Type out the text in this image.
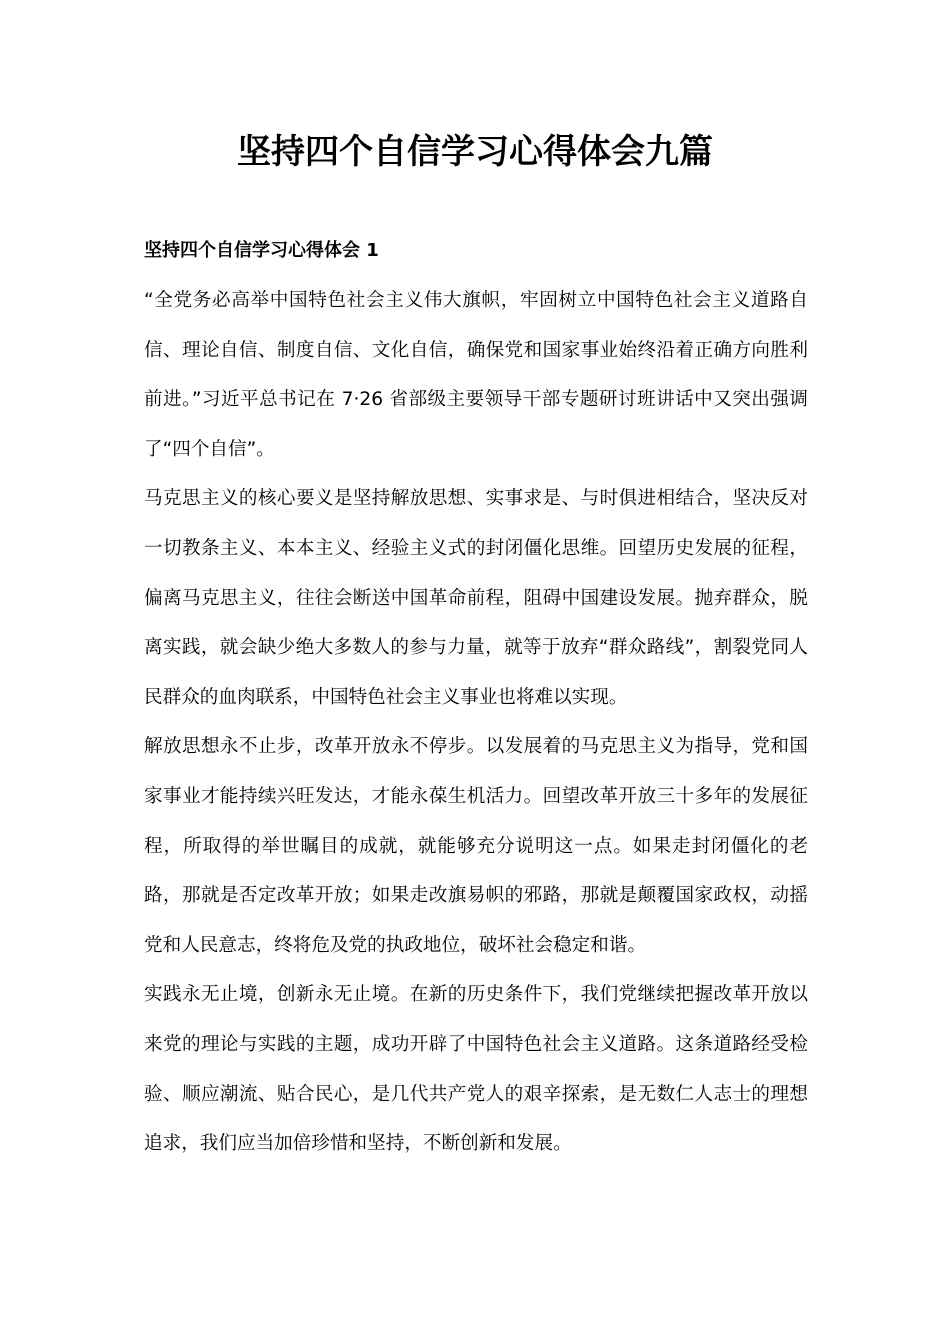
坚持四个自信学习心得体会九篇
坚持四个自信学习心得体会 1

“全党务必高举中国特色社会主义伟大旗帜，牢固树立中国特色社会主义道路自信、理论自信、制度自信、文化自信，确保党和国家事业始终沿着正确方向胜利前进。”习近平总书记在 7·26 省部级主要领导干部专题研讨班讲话中又突出强调了“四个自信”。

马克思主义的核心要义是坚持解放思想、实事求是、与时俱进相结合，坚决反对一切教条主义、本本主义、经验主义式的封闭僵化思维。回望历史发展的征程，偏离马克思主义，往往会断送中国革命前程，阻碍中国建设发展。抛弃群众，脱离实践，就会缺少绝大多数人的参与力量，就等于放弃“群众路线”，割裂党同人民群众的血肉联系，中国特色社会主义事业也将难以实现。

解放思想永不止步，改革开放永不停步。以发展着的马克思主义为指导，党和国家事业才能持续兴旺发达，才能永葆生机活力。回望改革开放三十多年的发展征程，所取得的举世瞩目的成就，就能够充分说明这一点。如果走封闭僵化的老路，那就是否定改革开放；如果走改旗易帜的邪路，那就是颠覆国家政权，动摇党和人民意志，终将危及党的执政地位，破坏社会稳定和谐。

实践永无止境，创新永无止境。在新的历史条件下，我们党继续把握改革开放以来党的理论与实践的主题，成功开辟了中国特色社会主义道路。这条道路经受检验、顺应潮流、贴合民心，是几代共产党人的艰辛探索，是无数仁人志士的理想追求，我们应当加倍珍惜和坚持，不断创新和发展。
